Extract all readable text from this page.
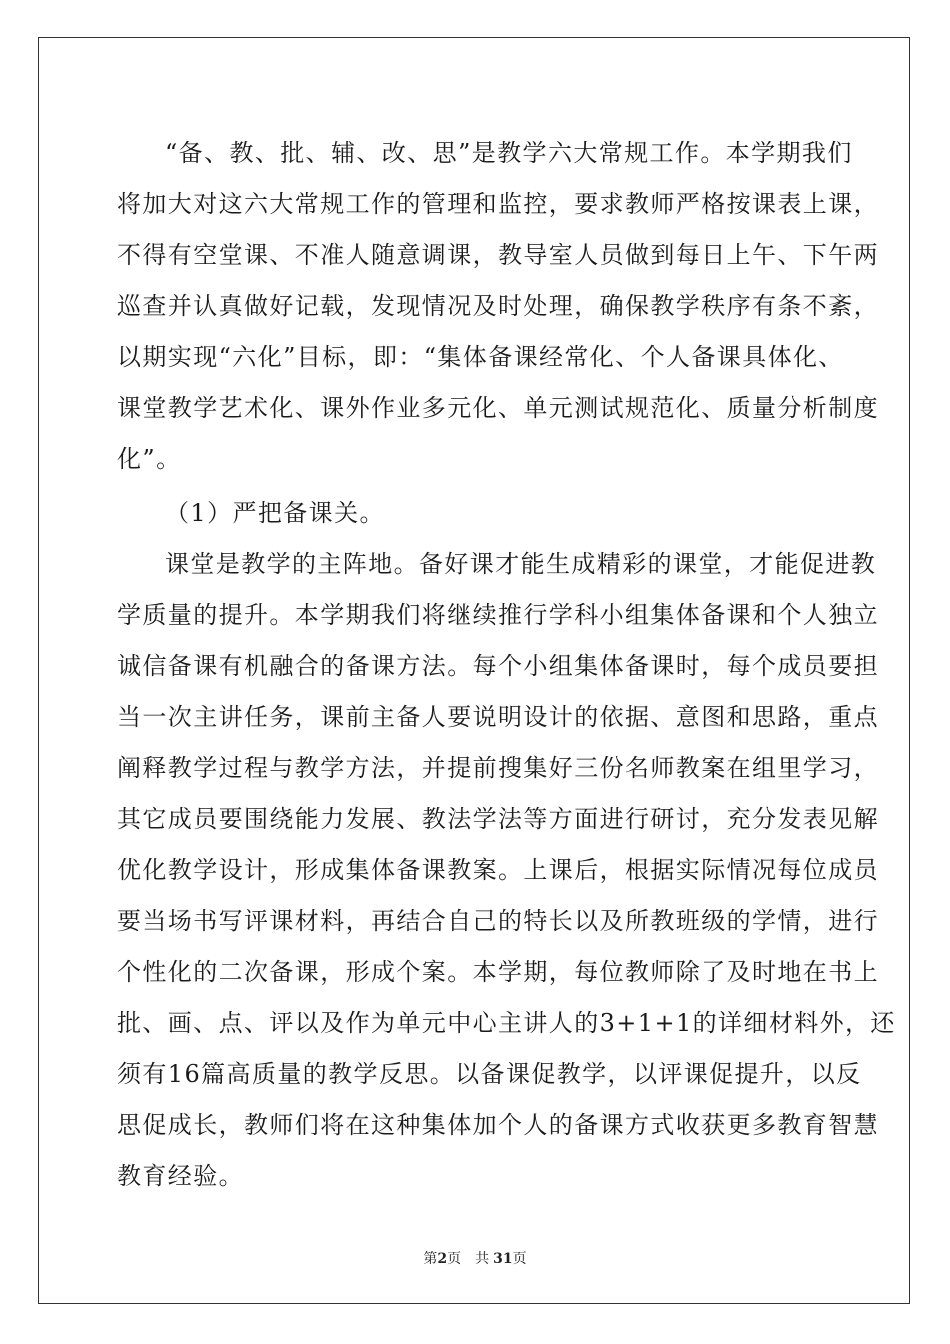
“备、教、批、辅、改、思”是教学六大常规工作。本学期我们
将加大对这六大常规工作的管理和监控，要求教师严格按课表上课，
不得有空堂课、不准人随意调课，教导室人员做到每日上午、下午两
巡查并认真做好记载，发现情况及时处理，确保教学秩序有条不紊，
以期实现“六化”目标，即：“集体备课经常化、个人备课具体化、
课堂教学艺术化、课外作业多元化、单元测试规范化、质量分析制度
化”。
（1）严把备课关。
课堂是教学的主阵地。备好课才能生成精彩的课堂，才能促进教
学质量的提升。本学期我们将继续推行学科小组集体备课和个人独立
诚信备课有机融合的备课方法。每个小组集体备课时，每个成员要担
当一次主讲任务，课前主备人要说明设计的依据、意图和思路，重点
阐释教学过程与教学方法，并提前搜集好三份名师教案在组里学习，
其它成员要围绕能力发展、教法学法等方面进行研讨，充分发表见解
优化教学设计，形成集体备课教案。上课后，根据实际情况每位成员
要当场书写评课材料，再结合自己的特长以及所教班级的学情，进行
个性化的二次备课，形成个案。本学期，每位教师除了及时地在书上
批、画、点、评以及作为单元中心主讲人的3+1+1的详细材料外，还
须有16篇高质量的教学反思。以备课促教学，以评课促提升，以反
思促成长，教师们将在这种集体加个人的备课方式收获更多教育智慧
教育经验。
第2页 共 31页
